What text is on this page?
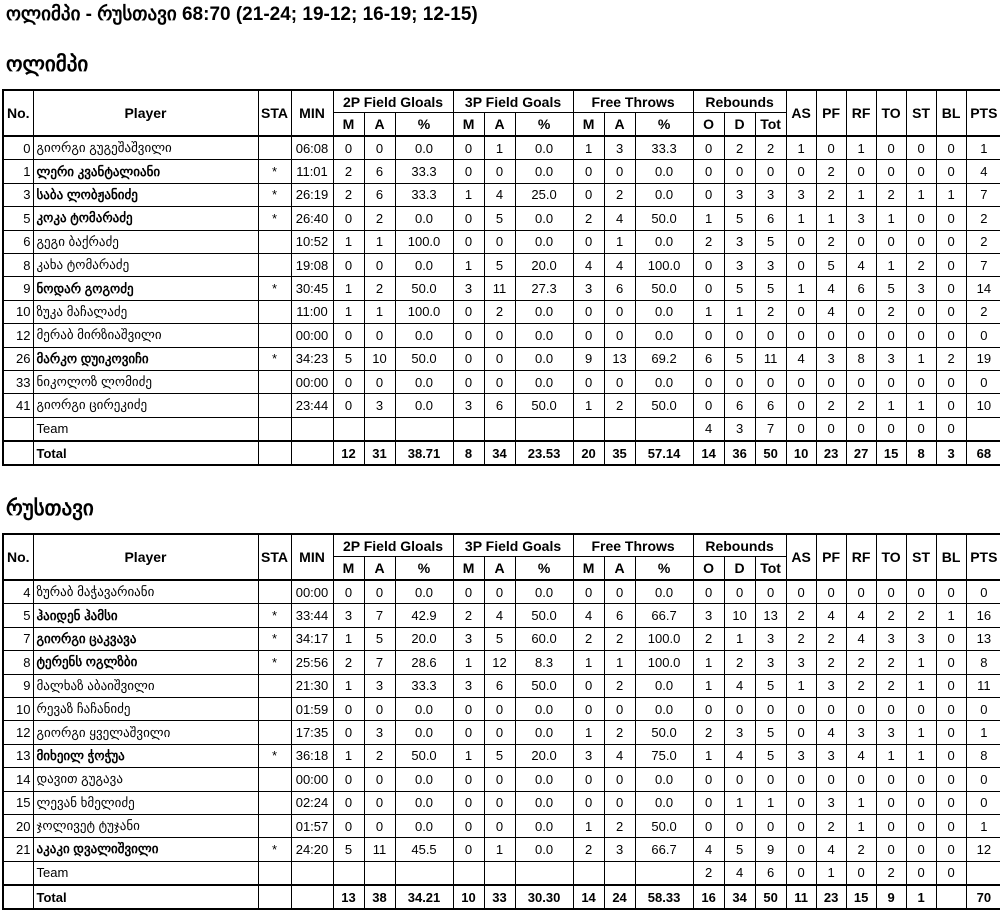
ოლიმპი - რუსთავი 68:70 (21-24; 19-12; 16-19; 12-15)
ოლიმპი
No.	Player	STA	MIN	2P Field Gloals			3P Field Goals			Free Throws			Rebounds			AS	PF	RF	TO	ST	BL	PTS
				M	A	%	M	A	%	M	A	%	O	D	Tot							
0	გიორგი გუგეშაშვილი		06:08	0	0	0.0	0	1	0.0	1	3	33.3	0	2	2	1	0	1	0	0	0	1
1	ლერი კვანტალიანი	*	11:01	2	6	33.3	0	0	0.0	0	0	0.0	0	0	0	0	2	0	0	0	0	4
3	საბა ლობჟანიძე	*	26:19	2	6	33.3	1	4	25.0	0	2	0.0	0	3	3	3	2	1	2	1	1	7
5	კოკა ტომარაძე	*	26:40	0	2	0.0	0	5	0.0	2	4	50.0	1	5	6	1	1	3	1	0	0	2
6	გეგი ბაქრაძე		10:52	1	1	100.0	0	0	0.0	0	1	0.0	2	3	5	0	2	0	0	0	0	2
8	კახა ტომარაძე		19:08	0	0	0.0	1	5	20.0	4	4	100.0	0	3	3	0	5	4	1	2	0	7
9	ნოდარ გოგოძე	*	30:45	1	2	50.0	3	11	27.3	3	6	50.0	0	5	5	1	4	6	5	3	0	14
10	ზუკა მაჩალაძე		11:00	1	1	100.0	0	2	0.0	0	0	0.0	1	1	2	0	4	0	2	0	0	2
12	მერაბ მირზიაშვილი		00:00	0	0	0.0	0	0	0.0	0	0	0.0	0	0	0	0	0	0	0	0	0	0
26	მარკო დუიკოვიჩი	*	34:23	5	10	50.0	0	0	0.0	9	13	69.2	6	5	11	4	3	8	3	1	2	19
33	ნიკოლოზ ლომიძე		00:00	0	0	0.0	0	0	0.0	0	0	0.0	0	0	0	0	0	0	0	0	0	0
41	გიორგი ცირეკიძე		23:44	0	3	0.0	3	6	50.0	1	2	50.0	0	6	6	0	2	2	1	1	0	10
	Team												4	3	7	0	0	0	0	0	0	
	Total			12	31	38.71	8	34	23.53	20	35	57.14	14	36	50	10	23	27	15	8	3	68
რუსთავი
No.	Player	STA	MIN	2P Field Gloals			3P Field Goals			Free Throws			Rebounds			AS	PF	RF	TO	ST	BL	PTS
				M	A	%	M	A	%	M	A	%	O	D	Tot							
4	ზურაბ მაჭავარიანი		00:00	0	0	0.0	0	0	0.0	0	0	0.0	0	0	0	0	0	0	0	0	0	0
5	ჰაიდენ ჰამსი	*	33:44	3	7	42.9	2	4	50.0	4	6	66.7	3	10	13	2	4	4	2	2	1	16
7	გიორგი ცაკვავა	*	34:17	1	5	20.0	3	5	60.0	2	2	100.0	2	1	3	2	2	4	3	3	0	13
8	ტერენს ოგლზბი	*	25:56	2	7	28.6	1	12	8.3	1	1	100.0	1	2	3	3	2	2	2	1	0	8
9	მალხაზ აბაიშვილი		21:30	1	3	33.3	3	6	50.0	0	2	0.0	1	4	5	1	3	2	2	1	0	11
10	რევაზ ჩაჩანიძე		01:59	0	0	0.0	0	0	0.0	0	0	0.0	0	0	0	0	0	0	0	0	0	0
12	გიორგი ყველაშვილი		17:35	0	3	0.0	0	0	0.0	1	2	50.0	2	3	5	0	4	3	3	1	0	1
13	მიხეილ ჭოჭუა	*	36:18	1	2	50.0	1	5	20.0	3	4	75.0	1	4	5	3	3	4	1	1	0	8
14	დავით გუგავა		00:00	0	0	0.0	0	0	0.0	0	0	0.0	0	0	0	0	0	0	0	0	0	0
15	ლევან ხმელიძე		02:24	0	0	0.0	0	0	0.0	0	0	0.0	0	1	1	0	3	1	0	0	0	0
20	ჯოლივეტ ტუჯანი		01:57	0	0	0.0	0	0	0.0	1	2	50.0	0	0	0	0	2	1	0	0	0	1
21	აკაკი დვალიშვილი	*	24:20	5	11	45.5	0	1	0.0	2	3	66.7	4	5	9	0	4	2	0	0	0	12
	Team												2	4	6	0	1	0	2	0	0	
	Total			13	38	34.21	10	33	30.30	14	24	58.33	16	34	50	11	23	15	9	1		70
